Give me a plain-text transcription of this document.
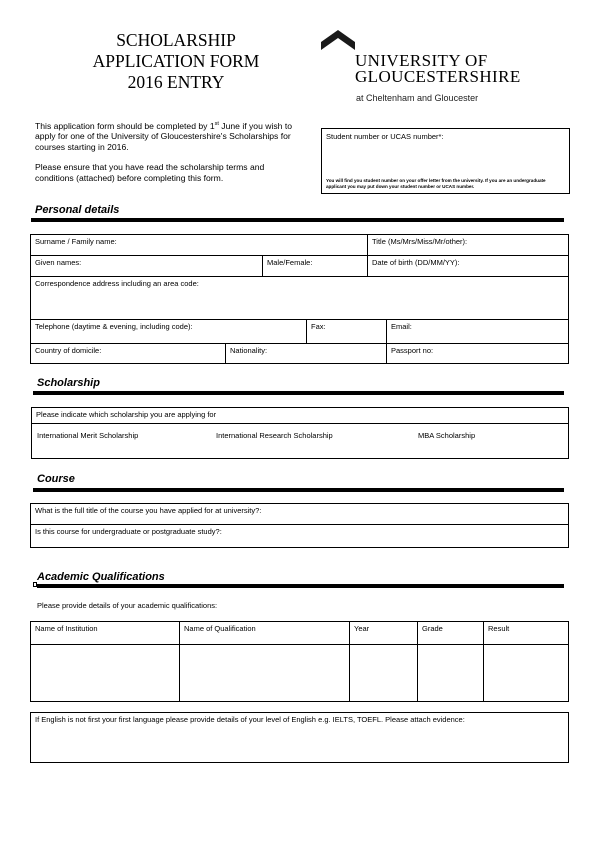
SCHOLARSHIP
APPLICATION FORM
2016 ENTRY
UNIVERSITY OF
GLOUCESTERSHIRE
at Cheltenham and Gloucester

This application form should be completed by 1st June if you wish to apply for one of the University of Gloucestershire's Scholarships for courses starting in 2016.

Please ensure that you have read the scholarship terms and conditions (attached) before completing this form.

Student number or UCAS number*:
You will find you student number on your offer letter from the university. If you are an undergraduate applicant you may put down your student number or UCAS number.
Personal details
Surname / Family name:	Title (Ms/Mrs/Miss/Mr/other):
Given names:	Male/Female:	Date of birth (DD/MM/YY):
Correspondence address including an area code:
Telephone (daytime & evening, including code):	Fax:	Email:
Country of domicile:	Nationality:	Passport no:
Scholarship
Please indicate which scholarship you are applying for
International Merit Scholarship	International Research Scholarship	MBA Scholarship
Course
What is the full title of the course you have applied for at university?:
Is this course for undergraduate or postgraduate study?:
Academic Qualifications
Please provide details of your academic qualifications:
Name of Institution	Name of Qualification	Year	Grade	Result
If English is not first your first language please provide details of your level of English e.g. IELTS, TOEFL. Please attach evidence:
